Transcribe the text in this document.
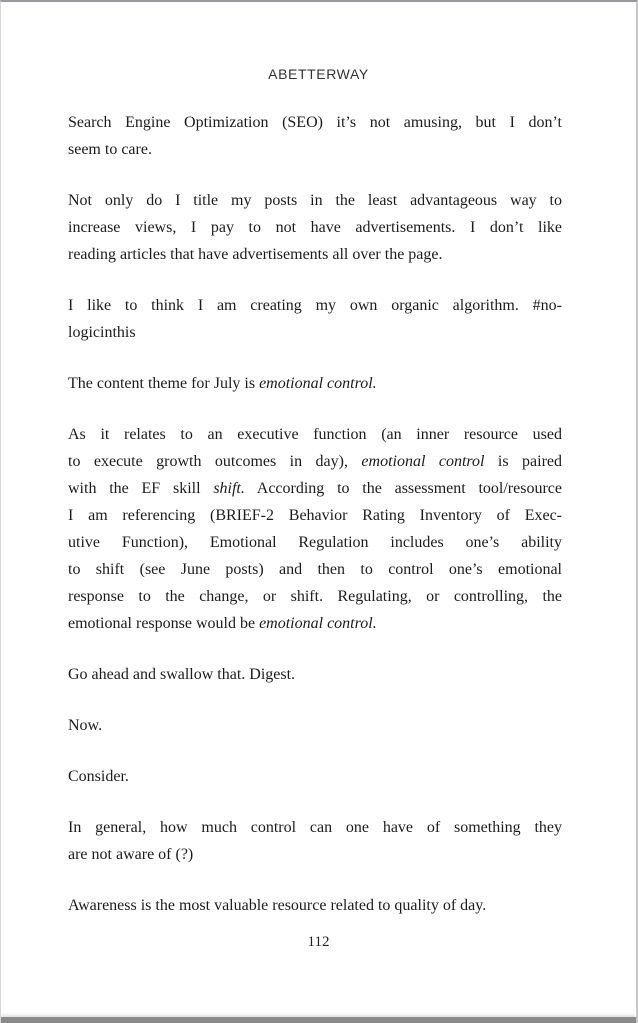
ABETTERWAY
Search Engine Optimization (SEO) it’s not amusing, but I don’t
seem to care.
Not only do I title my posts in the least advantageous way to
increase views, I pay to not have advertisements. I don’t like
reading articles that have advertisements all over the page.
I like to think I am creating my own organic algorithm. #no-
logicinthis
The content theme for July is emotional control.
As it relates to an executive function (an inner resource used
to execute growth outcomes in day), emotional control is paired
with the EF skill shift. According to the assessment tool/resource
I am referencing (BRIEF-2 Behavior Rating Inventory of Exec-
utive Function), Emotional Regulation includes one’s ability
to shift (see June posts) and then to control one’s emotional
response to the change, or shift. Regulating, or controlling, the
emotional response would be emotional control.
Go ahead and swallow that. Digest.
Now.
Consider.
In general, how much control can one have of something they
are not aware of (?)
Awareness is the most valuable resource related to quality of day.
112
